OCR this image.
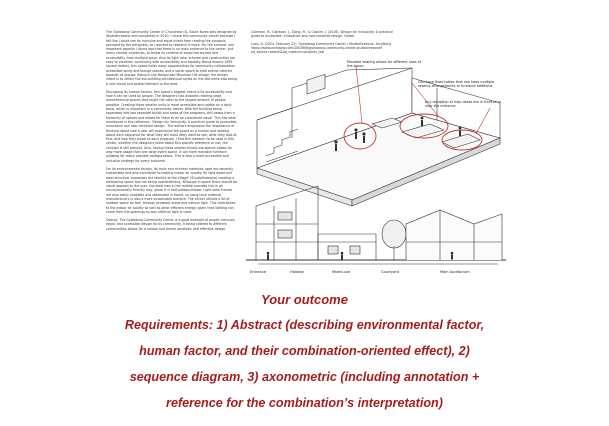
The Gyeodong Community Center in Chuncheon-Si, South Korea was designed by Studiothreeone and completed in 2020. I chose this community center because I felt like I could see its inclusive and equal intent from reading the synopsis provided by the designers, so I wanted to research it more. For the scheme, one important aspects I found was that there is no main entrance to the center, but many smaller entrances, to follow its scheme of equal hierarchies and accessibility from multiple ways. Also its light color scheme and construction are easy to visualize, continuing with accessibility and equality. Being around 1095 square meters, this space holds many opportunities for community collaboration, accessible study and lounge spaces, and a social space to hold events catered towards all groups. Being in the Bongui-san Mountain Hill village, the design intent is to reflect the surrounding architectural styles on the site while also being a new visual and spatial element to the area.

Discussing its human factors, this space's biggest intent is its accessibility and how it can be used by people. The designers had avoided creating large, overwhelming spaces that might not cater to the largest amount of people possible. Creating these smaller units is more accessible and usable on a daily basis, which is important in a community center. With the building being separated into two separate builds and areas of the programs, this keeps from a hierarchy of spaces and allows for them to all be considered equal. This has been mentioned in the reference, 'Design for inclusivity: A practical guide to accessible, innovative and user-centered design'. The authors emphasize the importance of thinking about how a user will experience the space as a human and reading about each sequence for what they will most likely want to see, what they look at first, and how they travel to each program. I find this research to be used in this center, whether the designers knew about this specific reference or not, the concept is still present. Also, having these smaller mixed-use spaces allows for way more usage than one large event space. It can have movable furniture, allowing for many possible configurations. This is also a more accessible and inclusive strategy for every outcome.

For its environmental factors, its main and minimal materials used are decently sustainable and also contribute to healthy indoor air quality. Its light wood and steel structure 'expresses the identity of the village' (Studiothreeone) creating a welcoming space and not being overwhelming. Although in space there should be visual appeals to the user, the steel tree in the middle provides this in an environmentally friendly way, given it is half outdoor/indoor. Light steel frames are also easily available and obtainable in Korea, so using local material manufacturers is also a more sustainable practice. The center utilizes a lot of outdoor space as well, through breakout areas and natural light. This contributes to the indoor air quality as well as other efficient energy: given that lighting can come from the openings so less artificial light is used.

Overall, The Gyeodong Community Center is a good example of proper inclusive, equal, and accessible design for its community. It being catered to different communities allows for a unique and formal aesthetic and effective design.

Coleman, R., Clarkson, J., Dong, H., & Cassim, J. (2016). Design for inclusivity: A practical guide to accessible, innovative and user-centered design. Gower.

Luco, A. (2024, February 22). Gyeodong Community Center / Studiothreeone. ArchDaily. https://www.archdaily.com/1002606/gyeodong-community-center-studiothreeone?ad_source=search&ad_medium=projects_tab

Movable seating allows for different uses of the space
Can have fixed tables that can have multiple seating arrangements or furniture additions
Any reception or help desks are in front of or near the entrance
Entrance	Hallway	Mixed-use	Courtyard	Main Auditorium
Your outcome
Requirements: 1) Abstract (describing environmental factor,
human factor, and their combination-oriented effect), 2)
sequence diagram, 3) axonometric (including annotation +
reference for the combination’s interpretation)
